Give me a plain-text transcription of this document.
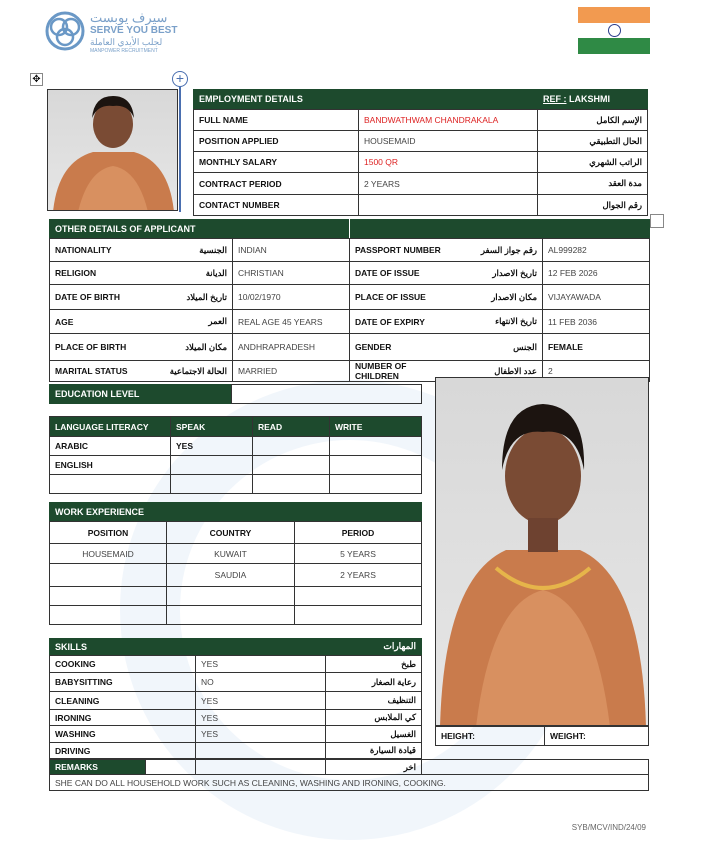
سيرف يوبست
SERVE YOU BEST
لجلب الأيدي العاملة
MANPOWER RECRUITMENT
✥	+
EMPLOYMENT DETAILS	REF :
LAKSHMI
FULL NAME	BANDWATHWAM CHANDRAKALA	الإسم الكامل
POSITION APPLIED	HOUSEMAID	الحال التطبيقي
MONTHLY SALARY	1500 QR	الراتب الشهري
CONTRACT PERIOD	2 YEARS	مدة العقد
CONTACT NUMBER		رقم الجوال
OTHER DETAILS OF APPLICANT
NATIONALITY	الجنسية	INDIAN	PASSPORT NUMBER	رقم جواز السفر	AL999282
RELIGION	الديانة	CHRISTIAN	DATE OF ISSUE	تاريخ الاصدار	12 FEB 2026
DATE OF BIRTH	تاريخ الميلاد	10/02/1970	PLACE OF ISSUE	مكان الاصدار	VIJAYAWADA
AGE	العمر	REAL AGE 45 YEARS	DATE OF EXPIRY	تاريخ الانتهاء	11 FEB 2036
PLACE OF BIRTH	مكان الميلاد	ANDHRAPRADESH	GENDER	الجنس	FEMALE
MARITAL STATUS	الحالة الاجتماعية	MARRIED	NUMBER OF CHILDREN	عدد الاطفال	2
EDUCATION LEVEL
LANGUAGE LITERACY	SPEAK	READ	WRITE
ARABIC	YES		
ENGLISH			

WORK EXPERIENCE
POSITION	COUNTRY	PERIOD
HOUSEMAID	KUWAIT	5 YEARS
	SAUDIA	2 YEARS

SKILLS	المهارات
COOKING	YES	طبخ
BABYSITTING	NO	رعاية الصغار
CLEANING	YES	التنظيف
IRONING	YES	كي الملابس
WASHING	YES	الغسيل
DRIVING		قيادة السيارة
HEIGHT:	WEIGHT:
REMARKS			اخر	
SHE CAN DO ALL HOUSEHOLD WORK SUCH AS CLEANING, WASHING AND IRONING, COOKING.
SYB/MCV/IND/24/09
